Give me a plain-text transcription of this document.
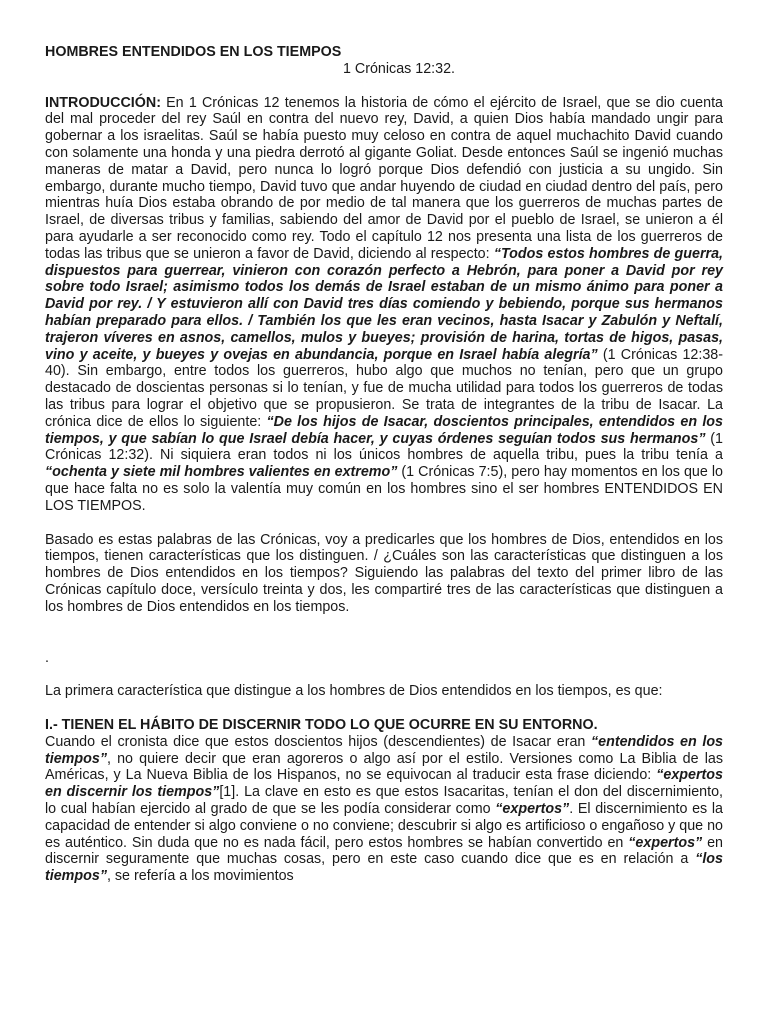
HOMBRES ENTENDIDOS EN LOS TIEMPOS

1 Crónicas 12:32.

INTRODUCCIÓN: En 1 Crónicas 12 tenemos la historia de cómo el ejército de Israel, que se dio cuenta del mal proceder del rey Saúl en contra del nuevo rey, David, a quien Dios había mandado ungir para gobernar a los israelitas. Saúl se había puesto muy celoso en contra de aquel muchachito David cuando con solamente una honda y una piedra derrotó al gigante Goliat. Desde entonces Saúl se ingenió muchas maneras de matar a David, pero nunca lo logró porque Dios defendió con justicia a su ungido. Sin embargo, durante mucho tiempo, David tuvo que andar huyendo de ciudad en ciudad dentro del país, pero mientras huía Dios estaba obrando de por medio de tal manera que los guerreros de muchas partes de Israel, de diversas tribus y familias, sabiendo del amor de David por el pueblo de Israel, se unieron a él para ayudarle a ser reconocido como rey. Todo el capítulo 12 nos presenta una lista de los guerreros de todas las tribus que se unieron a favor de David, diciendo al respecto: “Todos estos hombres de guerra, dispuestos para guerrear, vinieron con corazón perfecto a Hebrón, para poner a David por rey sobre todo Israel; asimismo todos los demás de Israel estaban de un mismo ánimo para poner a David por rey. / Y estuvieron allí con David tres días comiendo y bebiendo, porque sus hermanos habían preparado para ellos. / También los que les eran vecinos, hasta Isacar y Zabulón y Neftalí, trajeron víveres en asnos, camellos, mulos y bueyes; provisión de harina, tortas de higos, pasas, vino y aceite, y bueyes y ovejas en abundancia, porque en Israel había alegría” (1 Crónicas 12:38-40). Sin embargo, entre todos los guerreros, hubo algo que muchos no tenían, pero que un grupo destacado de doscientas personas si lo tenían, y fue de mucha utilidad para todos los guerreros de todas las tribus para lograr el objetivo que se propusieron. Se trata de integrantes de la tribu de Isacar. La crónica dice de ellos lo siguiente: “De los hijos de Isacar, doscientos principales, entendidos en los tiempos, y que sabían lo que Israel debía hacer, y cuyas órdenes seguían todos sus hermanos” (1 Crónicas 12:32). Ni siquiera eran todos ni los únicos hombres de aquella tribu, pues la tribu tenía a “ochenta y siete mil hombres valientes en extremo” (1 Crónicas 7:5), pero hay momentos en los que lo que hace falta no es solo la valentía muy común en los hombres sino el ser hombres ENTENDIDOS EN LOS TIEMPOS.

Basado es estas palabras de las Crónicas, voy a predicarles que los hombres de Dios, entendidos en los tiempos, tienen características que los distinguen. / ¿Cuáles son las características que distinguen a los hombres de Dios entendidos en los tiempos? Siguiendo las palabras del texto del primer libro de las Crónicas capítulo doce, versículo treinta y dos, les compartiré tres de las características que distinguen a los hombres de Dios entendidos en los tiempos.

.

La primera característica que distingue a los hombres de Dios entendidos en los tiempos, es que:

I.- TIENEN EL HÁBITO DE DISCERNIR TODO LO QUE OCURRE EN SU ENTORNO.

Cuando el cronista dice que estos doscientos hijos (descendientes) de Isacar eran “entendidos en los tiempos”, no quiere decir que eran agoreros o algo así por el estilo. Versiones como La Biblia de las Américas, y La Nueva Biblia de los Hispanos, no se equivocan al traducir esta frase diciendo: “expertos en discernir los tiempos”[1]. La clave en esto es que estos Isacaritas, tenían el don del discernimiento, lo cual habían ejercido al grado de que se les podía considerar como “expertos”. El discernimiento es la capacidad de entender si algo conviene o no conviene; descubrir si algo es artificioso o engañoso y que no es auténtico. Sin duda que no es nada fácil, pero estos hombres se habían convertido en “expertos” en discernir seguramente que muchas cosas, pero en este caso cuando dice que es en relación a “los tiempos”, se refería a los movimientos
